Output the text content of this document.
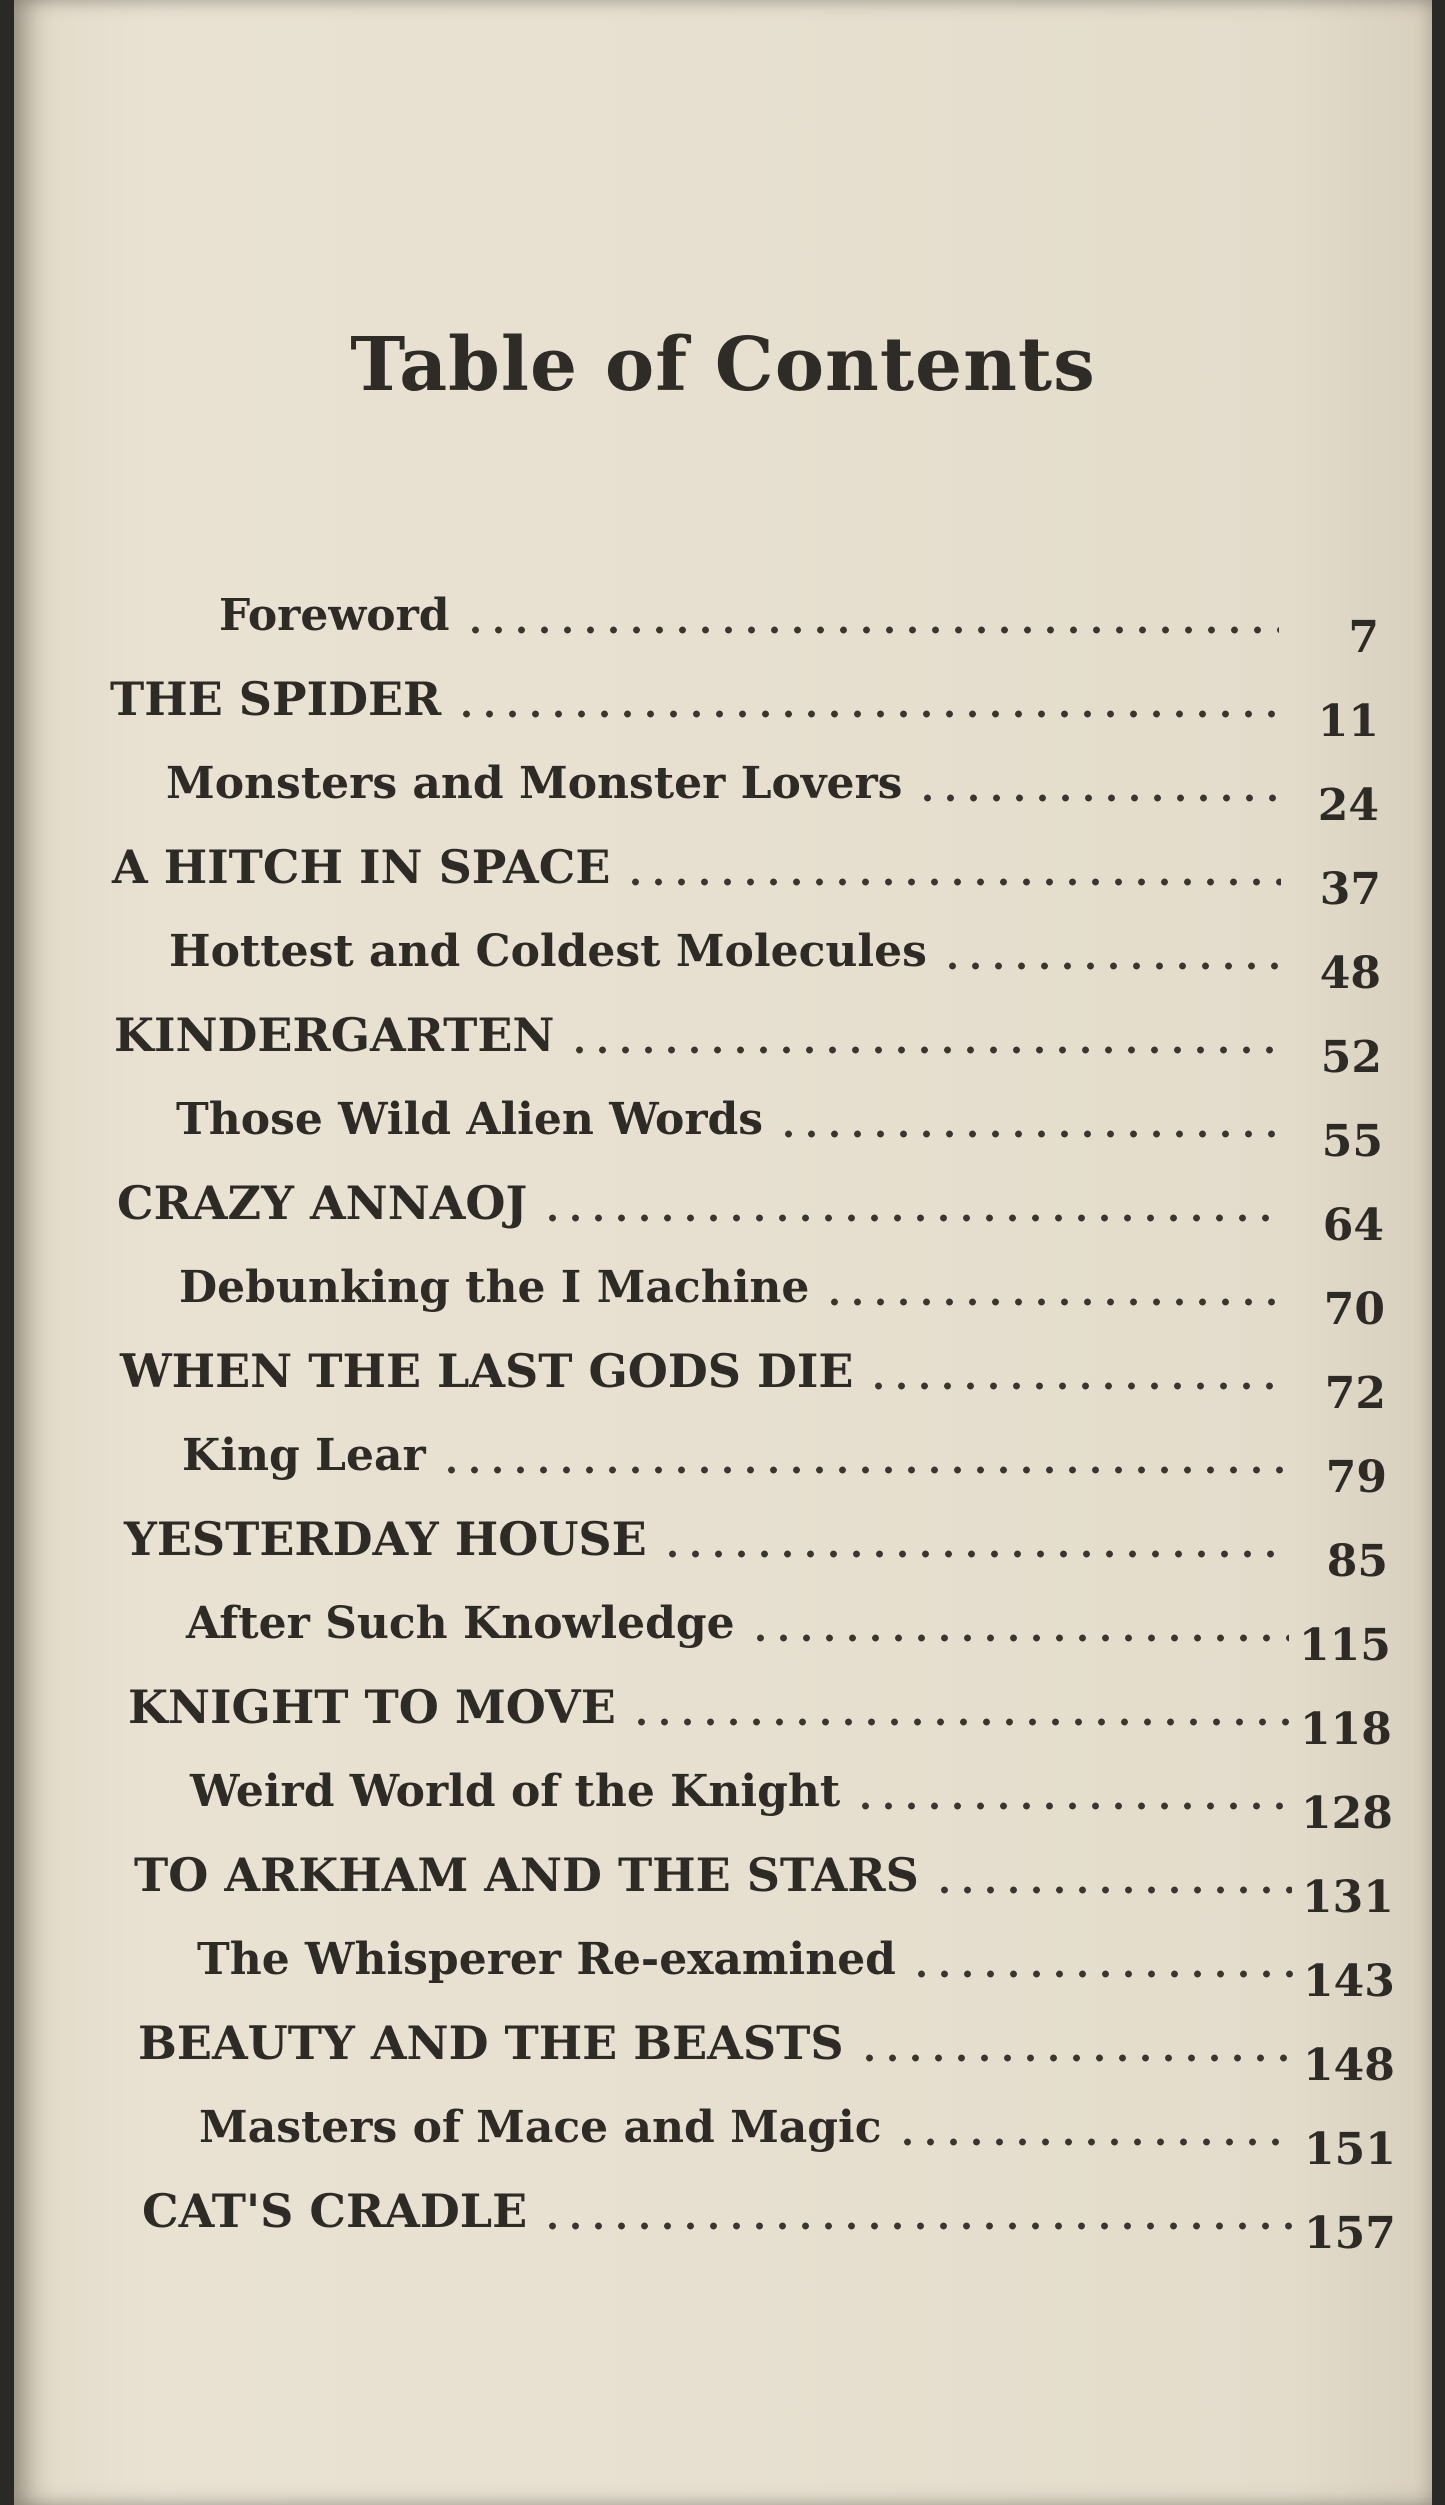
Table of Contents
Foreword	7
THE SPIDER	11
Monsters and Monster Lovers	24
A HITCH IN SPACE	37
Hottest and Coldest Molecules	48
KINDERGARTEN	52
Those Wild Alien Words	55
CRAZY ANNAOJ	64
Debunking the I Machine	70
WHEN THE LAST GODS DIE	72
King Lear	79
YESTERDAY HOUSE	85
After Such Knowledge	115
KNIGHT TO MOVE	118
Weird World of the Knight	128
TO ARKHAM AND THE STARS	131
The Whisperer Re-examined	143
BEAUTY AND THE BEASTS	148
Masters of Mace and Magic	151
CAT'S CRADLE	157
